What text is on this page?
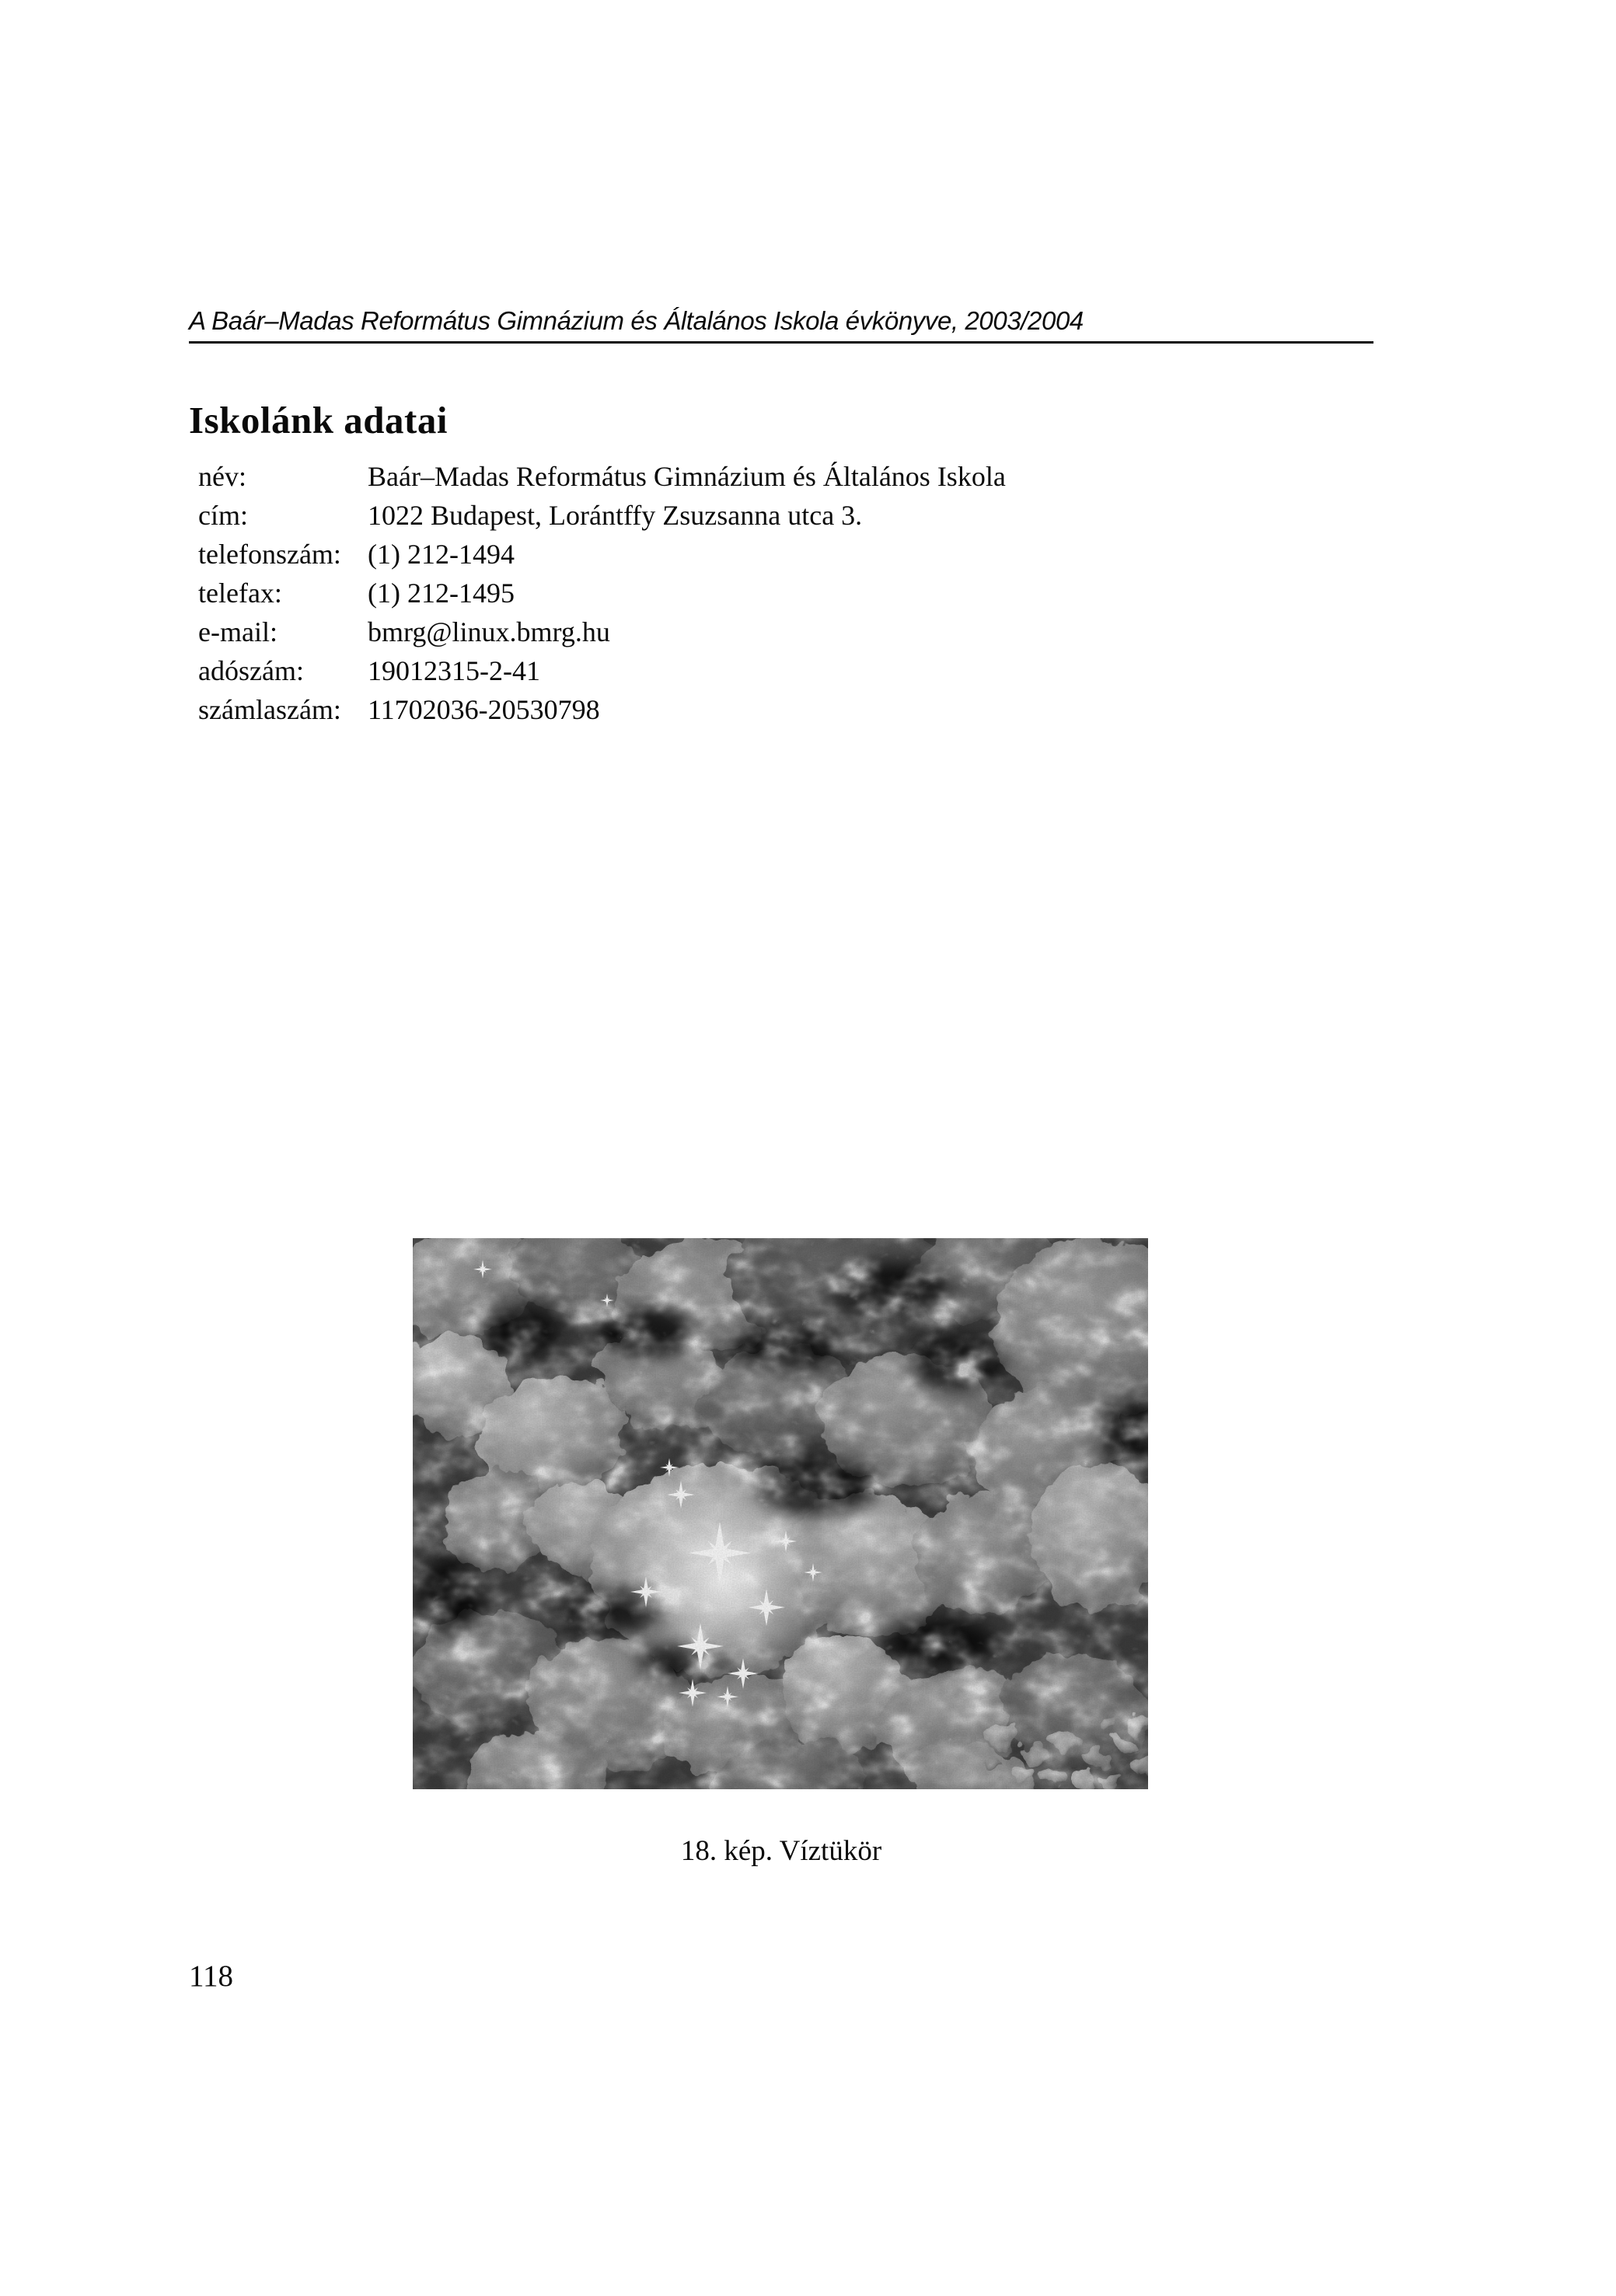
A Baár–Madas Református Gimnázium és Általános Iskola évkönyve, 2003/2004
Iskolánk adatai
név:	Baár–Madas Református Gimnázium és Általános Iskola
cím:	1022 Budapest, Lorántffy Zsuzsanna utca 3.
telefonszám: (1) 212-1494
telefax:	(1) 212-1495
e-mail:	bmrg@linux.bmrg.hu
adószám: 19012315-2-41
számlaszám: 11702036-20530798
18. kép. Víztükör
118
